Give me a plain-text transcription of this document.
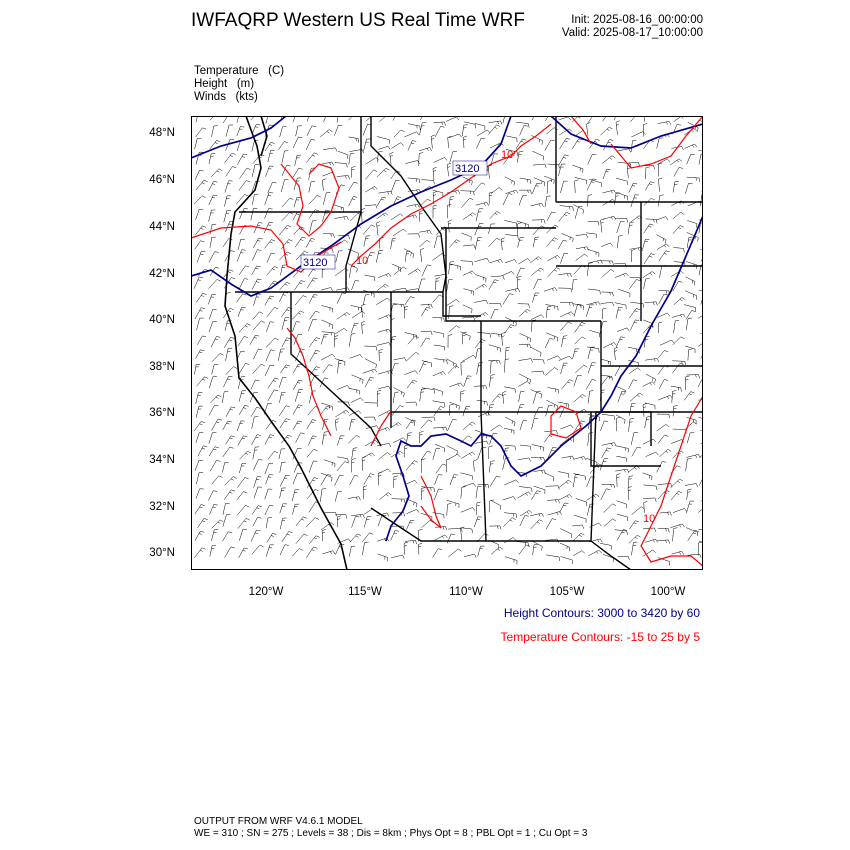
IWFAQRP Western US Real Time WRF	Init: 2025-08-16_00:00:00
Valid: 2025-08-17_10:00:00
Temperature   (C)
Height   (m)
Winds   (kts)
48°N
46°N
44°N
42°N
40°N
38°N
36°N
34°N
32°N
30°N
120°W	115°W	110°W	105°W	100°W
3120
3120
10
10
10
Height Contours: 3000 to 3420 by 60
Temperature Contours: -15 to 25 by 5
OUTPUT FROM WRF V4.6.1 MODEL
WE = 310 ; SN = 275 ; Levels = 38 ; Dis = 8km ; Phys Opt = 8 ; PBL Opt = 1 ; Cu Opt = 3
